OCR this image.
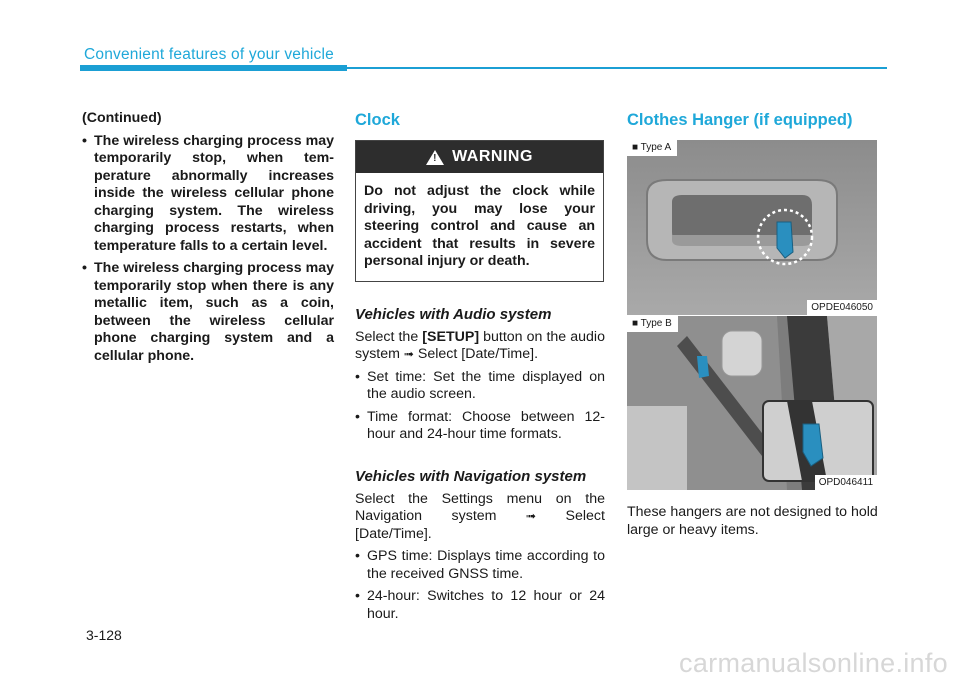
Convenient features of your vehicle
(Continued)
• The wireless charging process may temporarily stop, when tem-perature abnormally increases inside the wireless cellular phone charging system. The wireless charging process restarts, when temperature falls to a certain level.
• The wireless charging process may temporarily stop when there is any metallic item, such as a coin, between the wireless cellular phone charging system and a cellular phone.
Clock
! WARNING
Do not adjust the clock while driving, you may lose your steering control and cause an accident that results in severe personal injury or death.
Vehicles with Audio system

Select the [SETUP] button on the audio system ➟ Select [Date/Time].

• Set time: Set the time displayed on the audio screen.
• Time format: Choose between 12-hour and 24-hour time formats.
Vehicles with Navigation system

Select the Settings menu on the Navigation system ➟ Select [Date/Time].

• GPS time: Displays time according to the received GNSS time.
• 24-hour: Switches to 12 hour or 24 hour.
Clothes Hanger (if equipped)
■ Type A
OPDE046050
■ Type B
OPD046411
These hangers are not designed to hold large or heavy items.
3-128
carmanualsonline.info
